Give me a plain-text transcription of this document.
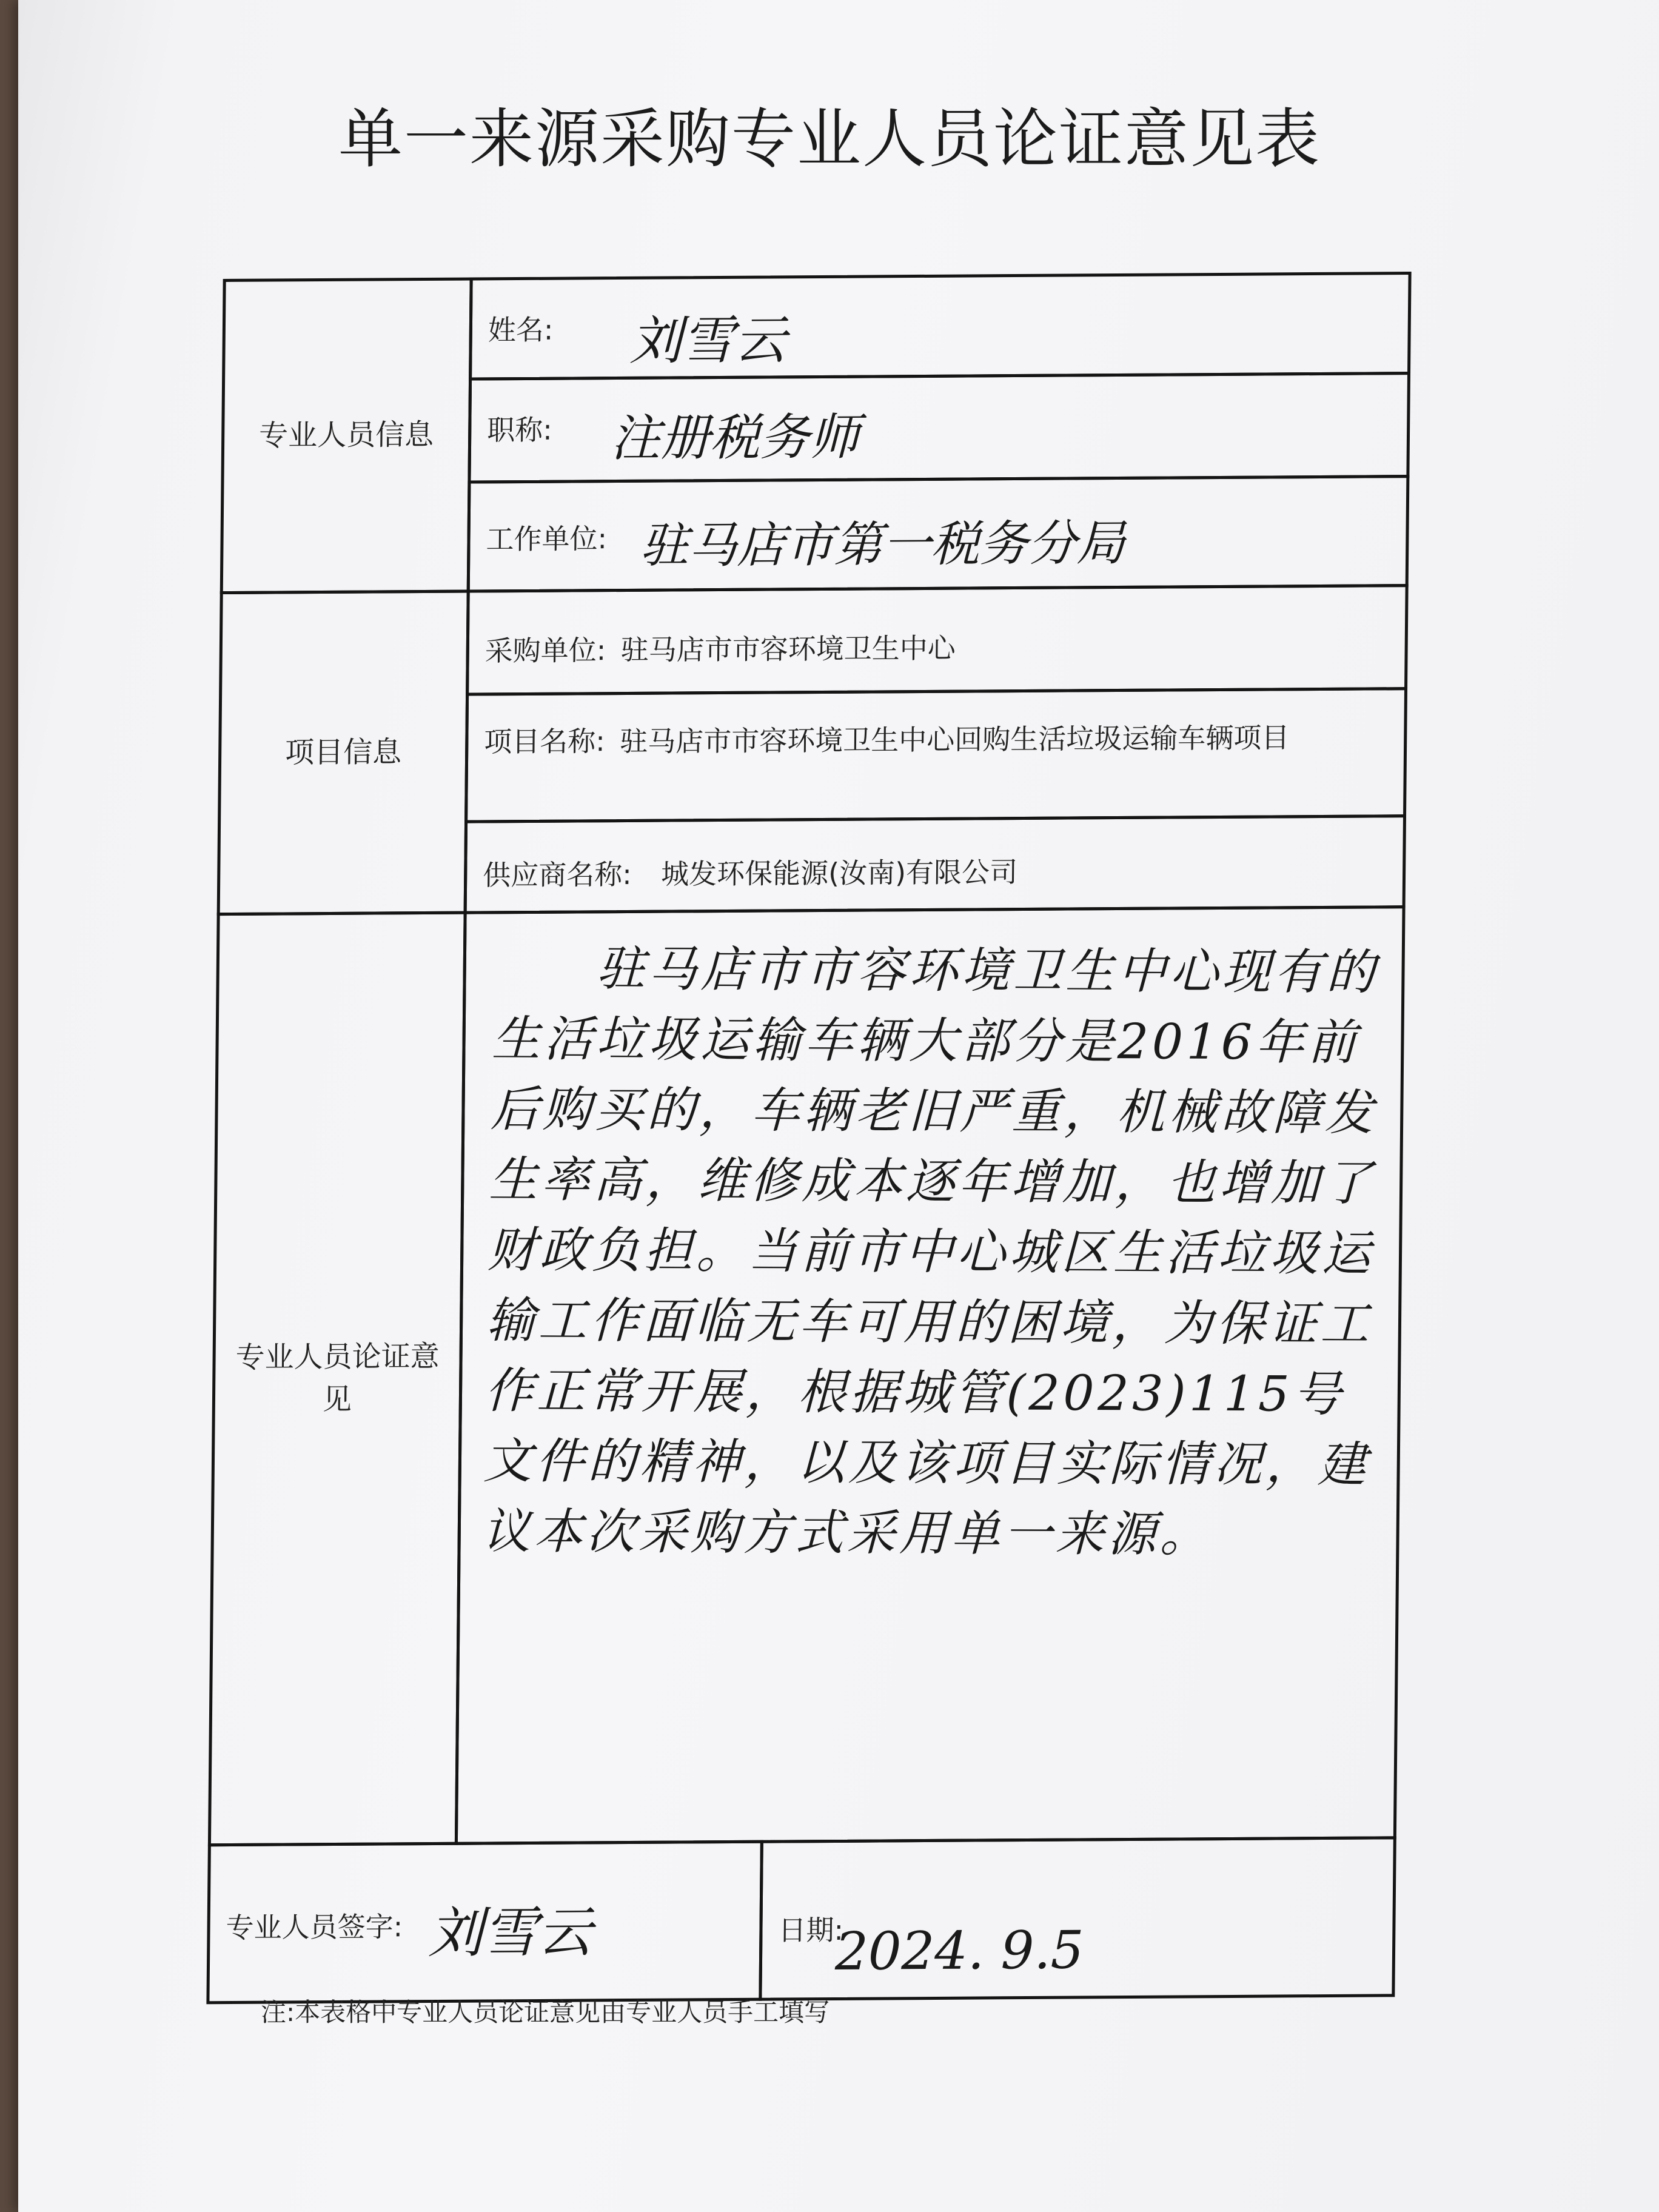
单一来源采购专业人员论证意见表
专业人员信息
姓名: 刘雪云
职称: 注册税务师
工作单位: 驻马店市第一税务分局
项目信息
采购单位: 驻马店市市容环境卫生中心
项目名称: 驻马店市市容环境卫生中心回购生活垃圾运输车辆项目
供应商名称: 城发环保能源(汝南)有限公司
专业人员论证意见
驻马店市市容环境卫生中心现有的生活垃圾运输车辆大部分是2016年前后购买的，车辆老旧严重，机械故障发生率高，维修成本逐年增加，也增加了财政负担。当前市中心城区生活垃圾运输工作面临无车可用的困境，为保证工作正常开展，根据城管(2023)115号文件的精神，以及该项目实际情况，建议本次采购方式采用单一来源。
专业人员签字: 刘雪云	日期:
2024. 9.5
注:本表格中专业人员论证意见由专业人员手工填写
